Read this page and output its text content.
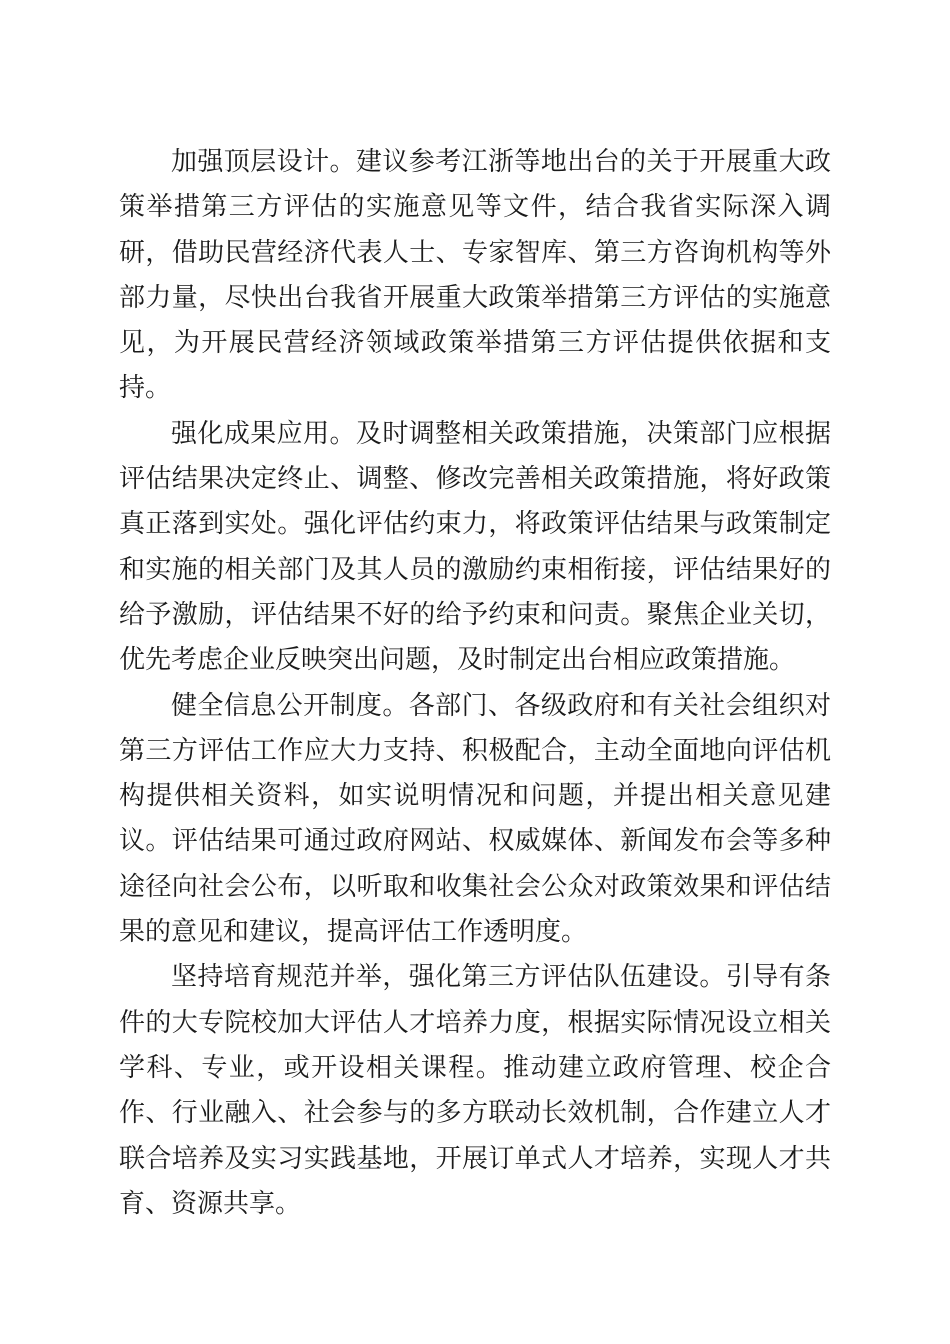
加强顶层设计。建议参考江浙等地出台的关于开展重大政策举措第三方评估的实施意见等文件，结合我省实际深入调研，借助民营经济代表人士、专家智库、第三方咨询机构等外部力量，尽快出台我省开展重大政策举措第三方评估的实施意见，为开展民营经济领域政策举措第三方评估提供依据和支持。

强化成果应用。及时调整相关政策措施，决策部门应根据评估结果决定终止、调整、修改完善相关政策措施，将好政策真正落到实处。强化评估约束力，将政策评估结果与政策制定和实施的相关部门及其人员的激励约束相衔接，评估结果好的给予激励，评估结果不好的给予约束和问责。聚焦企业关切，优先考虑企业反映突出问题，及时制定出台相应政策措施。

健全信息公开制度。各部门、各级政府和有关社会组织对第三方评估工作应大力支持、积极配合，主动全面地向评估机构提供相关资料，如实说明情况和问题，并提出相关意见建议。评估结果可通过政府网站、权威媒体、新闻发布会等多种途径向社会公布，以听取和收集社会公众对政策效果和评估结果的意见和建议，提高评估工作透明度。

坚持培育规范并举，强化第三方评估队伍建设。引导有条件的大专院校加大评估人才培养力度，根据实际情况设立相关学科、专业，或开设相关课程。推动建立政府管理、校企合作、行业融入、社会参与的多方联动长效机制，合作建立人才联合培养及实习实践基地，开展订单式人才培养，实现人才共育、资源共享。
